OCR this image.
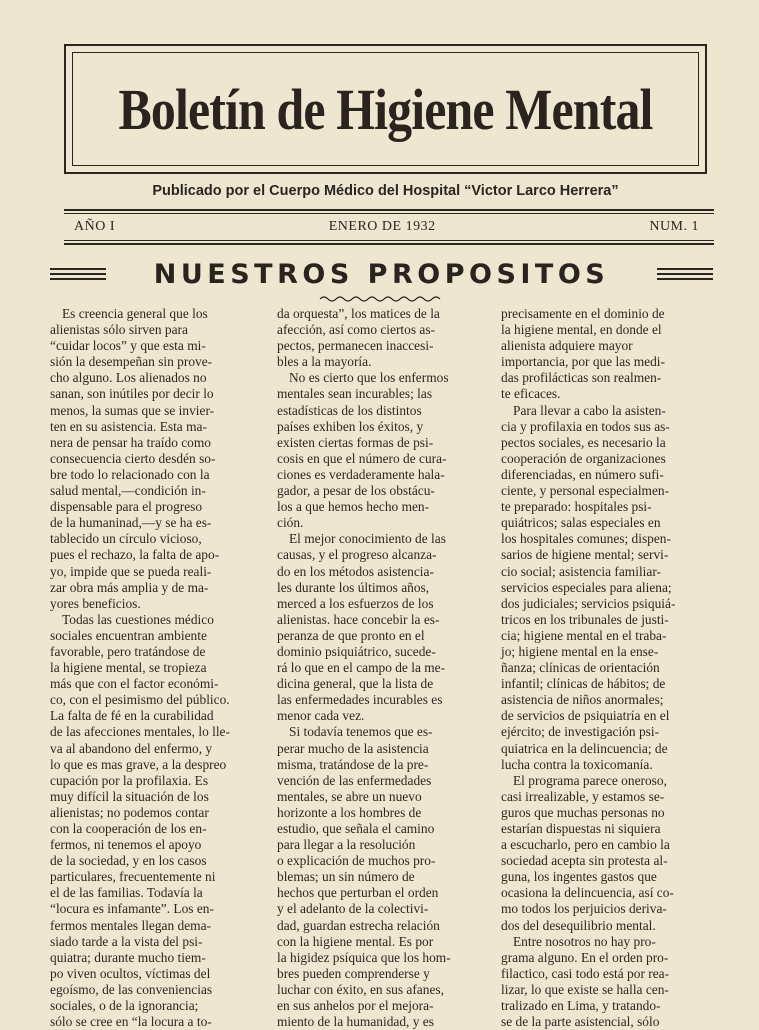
Boletín de Higiene Mental
Publicado por el Cuerpo Médico del Hospital “Victor Larco Herrera”
AÑO I	ENERO DE 1932	NUM. 1
NUESTROS PROPOSITOS
Es creencia general que los
alienistas sólo sirven para
“cuidar locos” y que esta mi-
sión la desempeñan sin prove-
cho alguno. Los alienados no
sanan, son inútiles por decir lo
menos, la sumas que se invier-
ten en su asistencia. Esta ma-
nera de pensar ha traído como
consecuencia cierto desdén so-
bre todo lo relacionado con la
salud mental,—condición in-
dispensable para el progreso
de la humaninad,—y se ha es-
tablecido un círculo vicioso,
pues el rechazo, la falta de apo-
yo, impide que se pueda reali-
zar obra más amplia y de ma-
yores beneficios.
Todas las cuestiones médico
sociales encuentran ambiente
favorable, pero tratándose de
la higiene mental, se tropieza
más que con el factor económi-
co, con el pesimismo del público.
La falta de fé en la curabilidad
de las afecciones mentales, lo lle-
va al abandono del enfermo, y
lo que es mas grave, a la despreo
cupación por la profilaxia. Es
muy difícil la situación de los
alienistas; no podemos contar
con la cooperación de los en-
fermos, ni tenemos el apoyo
de la sociedad, y en los casos
particulares, frecuentemente ni
el de las familias. Todavía la
“locura es infamante”. Los en-
fermos mentales llegan dema-
siado tarde a la vista del psi-
quiatra; durante mucho tiem-
po viven ocultos, víctimas del
egoísmo, de las conveniencias
sociales, o de la ignorancia;
sólo se cree en “la locura a to-
da orquesta”, los matices de la
afección, así como ciertos as-
pectos, permanecen inaccesi-
bles a la mayoría.
No es cierto que los enfermos
mentales sean incurables; las
estadísticas de los distintos
países exhiben los éxitos, y
existen ciertas formas de psi-
cosis en que el número de cura-
ciones es verdaderamente hala-
gador, a pesar de los obstácu-
los a que hemos hecho men-
ción.
El mejor conocimiento de las
causas, y el progreso alcanza-
do en los métodos asistencia-
les durante los últimos años,
merced a los esfuerzos de los
alienistas. hace concebir la es-
peranza de que pronto en el
dominio psiquiátrico, sucede-
rá lo que en el campo de la me-
dicina general, que la lista de
las enfermedades incurables es
menor cada vez.
Si todavía tenemos que es-
perar mucho de la asistencia
misma, tratándose de la pre-
vención de las enfermedades
mentales, se abre un nuevo
horizonte a los hombres de
estudio, que señala el camino
para llegar a la resolución
o explicación de muchos pro-
blemas; un sin número de
hechos que perturban el orden
y el adelanto de la colectivi-
dad, guardan estrecha relación
con la higiene mental. Es por
la higidez psíquica que los hom-
bres pueden comprenderse y
luchar con éxito, en sus afanes,
en sus anhelos por el mejora-
miento de la humanidad, y es
precisamente en el dominio de
la higiene mental, en donde el
alienista adquiere mayor
importancia, por que las medi-
das profilácticas son realmen-
te eficaces.
Para llevar a cabo la asisten-
cia y profilaxia en todos sus as-
pectos sociales, es necesario la
cooperación de organizaciones
diferenciadas, en número sufi-
ciente, y personal especialmen-
te preparado: hospitales psi-
quiátricos; salas especiales en
los hospitales comunes; dispen-
sarios de higiene mental; servi-
cio social; asistencia familiar-
servicios especiales para aliena;
dos judiciales; servicios psiquiá-
tricos en los tribunales de justi-
cia; higiene mental en el traba-
jo; higiene mental en la ense-
ñanza; clínicas de orientación
infantil; clínicas de hábitos; de
asistencia de niños anormales;
de servicios de psiquiatría en el
ejército; de investigación psi-
quiatrica en la delincuencia; de
lucha contra la toxicomanía.
El programa parece oneroso,
casi irrealizable, y estamos se-
guros que muchas personas no
estarían dispuestas ni siquiera
a escucharlo, pero en cambio la
sociedad acepta sin protesta al-
guna, los ingentes gastos que
ocasiona la delincuencia, así co-
mo todos los perjuicios deriva-
dos del desequilibrio mental.
Entre nosotros no hay pro-
grama alguno. En el orden pro-
filactico, casi todo está por rea-
lizar, lo que existe se halla cen-
tralizado en Lima, y tratando-
se de la parte asistencial, sólo
